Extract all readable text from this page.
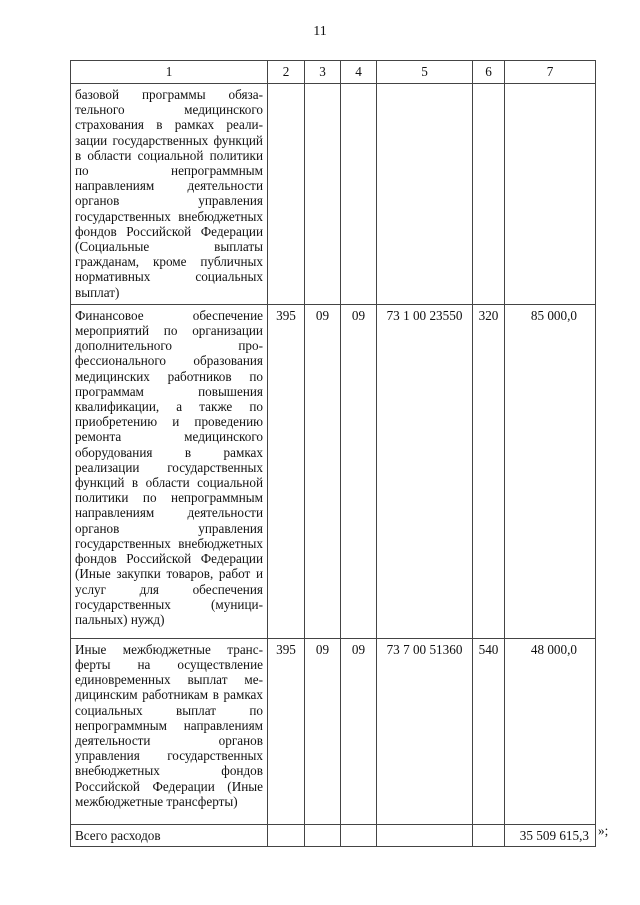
11
1	2	3	4	5	6	7
базовой программы обязательного медицинского страхования в рамках реализации государственных функций в области социальной политики по непрограммным направлениям деятельности органов управления государственных внебюджетных фондов Российской Федерации (Социальные выплаты гражданам, кроме публичных нормативных социальных выплат)						
Финансовое обеспечение мероприятий по организации дополнительного профессионального образования медицинских работников по программам повышения квалификации, а также по приобретению и проведению ремонта медицинского оборудования в рамках реализации государственных функций в области социальной политики по непрограммным направлениям деятельности органов управления государственных внебюджетных фондов Российской Федерации (Иные закупки товаров, работ и услуг для обеспечения государственных (муниципальных) нужд)	395	09	09	73 1 00 23550	320	85 000,0
Иные межбюджетные трансферты на осуществление единовременных выплат медицинским работникам в рамках социальных выплат по непрограммным направлениям деятельности органов управления государственных внебюджетных фондов Российской Федерации (Иные межбюджетные трансферты)	395	09	09	73 7 00 51360	540	48 000,0
Всего расходов						35 509 615,3 »;
